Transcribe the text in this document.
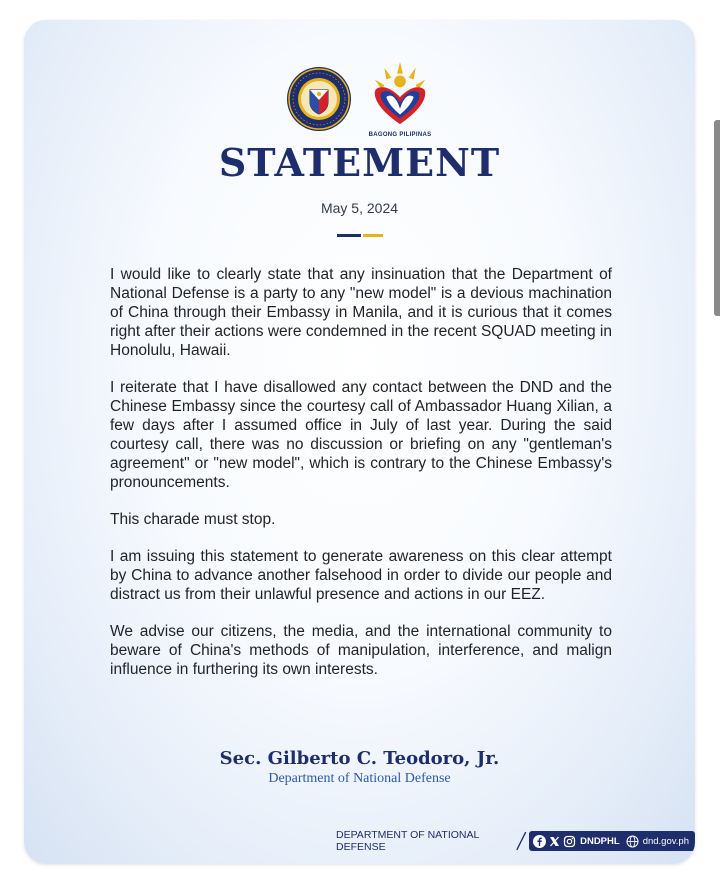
BAGONG PILIPINAS
STATEMENT
May 5, 2024

I would like to clearly state that any insinuation that the Department of National Defense is a party to any "new model" is a devious machination of China through their Embassy in Manila, and it is curious that it comes right after their actions were condemned in the recent SQUAD meeting in Honolulu, Hawaii.

I reiterate that I have disallowed any contact between the DND and the Chinese Embassy since the courtesy call of Ambassador Huang Xilian, a few days after I assumed office in July of last year. During the said courtesy call, there was no discussion or briefing on any "gentleman's agreement" or "new model", which is contrary to the Chinese Embassy's pronouncements.

This charade must stop.

I am issuing this statement to generate awareness on this clear attempt by China to advance another falsehood in order to divide our people and distract us from their unlawful presence and actions in our EEZ.

We advise our citizens, the media, and the international community to beware of China's methods of manipulation, interference, and malign influence in furthering its own interests.

Sec. Gilberto C. Teodoro, Jr.
Department of National Defense
DEPARTMENT OF NATIONAL DEFENSE	DNDPHL dnd.gov.ph
